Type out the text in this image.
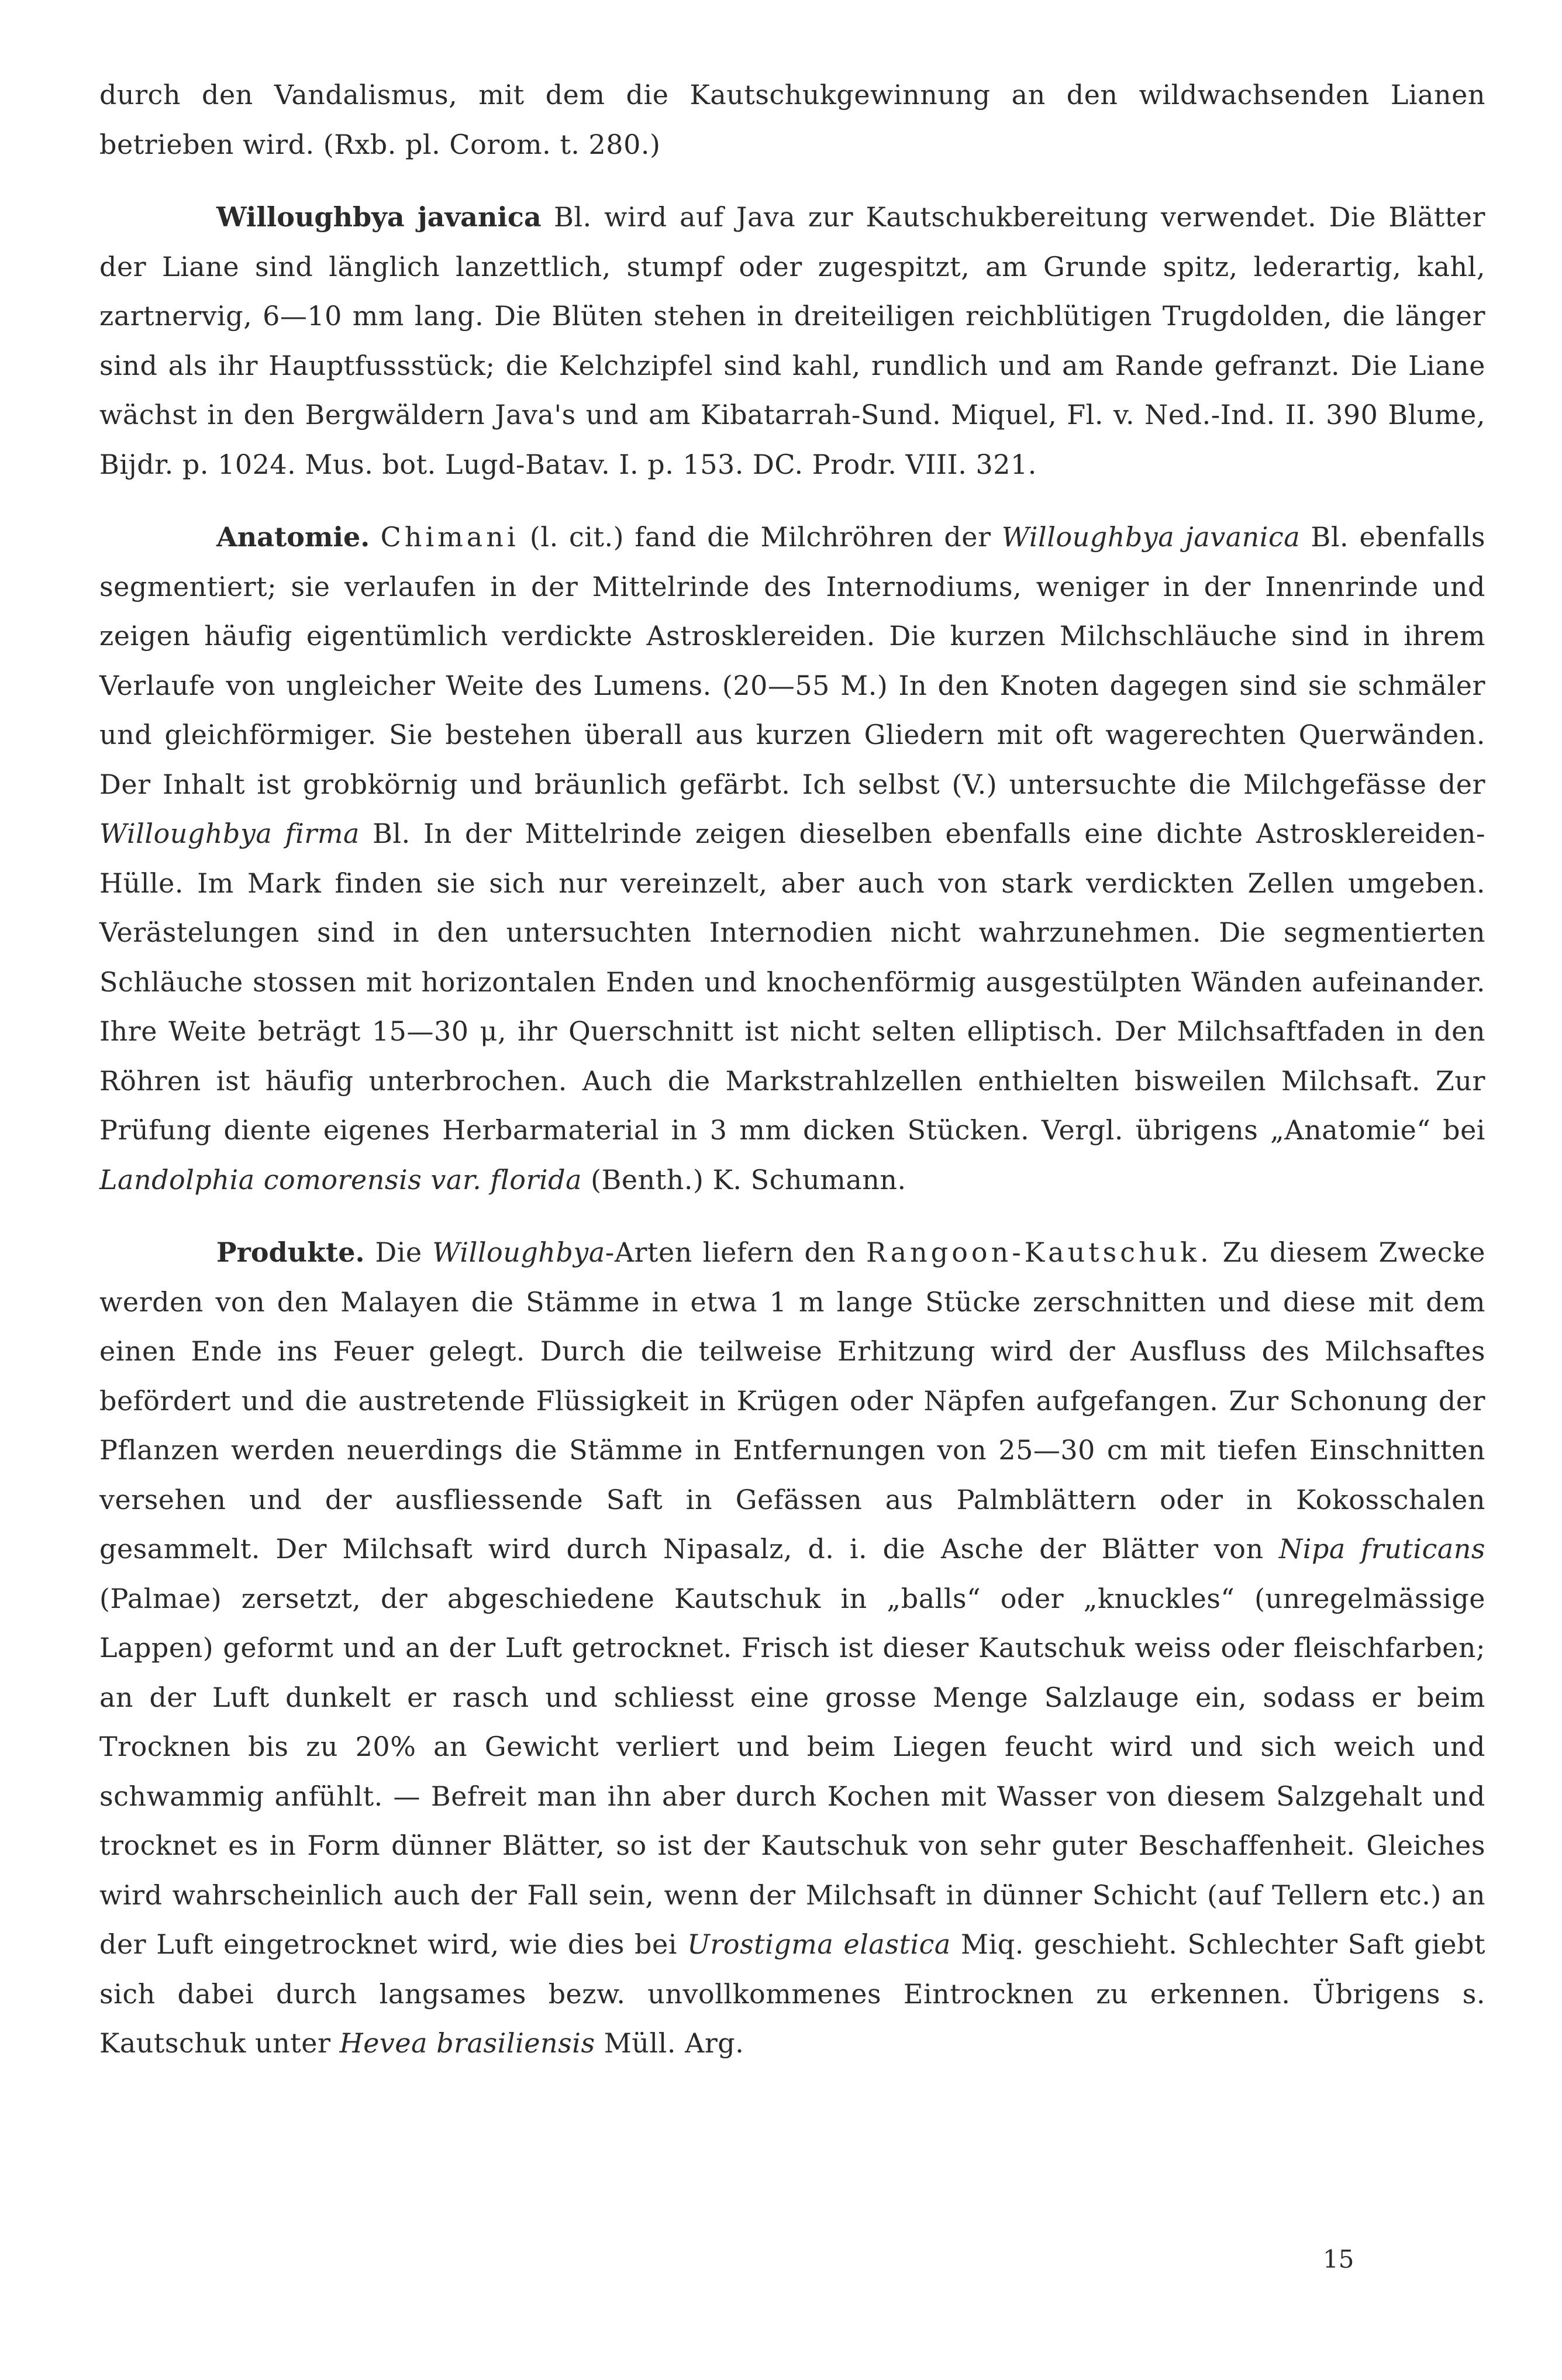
durch den Vandalismus, mit dem die Kautschukgewinnung an den wildwachsenden Lianen betrieben wird. (Rxb. pl. Corom. t. 280.)

Willoughbya javanica Bl. wird auf Java zur Kautschukbereitung verwendet. Die Blätter der Liane sind länglich lanzettlich, stumpf oder zugespitzt, am Grunde spitz, lederartig, kahl, zartnervig, 6—10 mm lang. Die Blüten stehen in dreiteiligen reichblütigen Trugdolden, die länger sind als ihr Hauptfussstück; die Kelchzipfel sind kahl, rundlich und am Rande gefranzt. Die Liane wächst in den Bergwäldern Java's und am Kibatarrah-Sund. Miquel, Fl. v. Ned.-Ind. II. 390 Blume, Bijdr. p. 1024. Mus. bot. Lugd-Batav. I. p. 153. DC. Prodr. VIII. 321.

Anatomie. Chimani (l. cit.) fand die Milchröhren der Willoughbya javanica Bl. ebenfalls segmentiert; sie verlaufen in der Mittelrinde des Internodiums, weniger in der Innenrinde und zeigen häufig eigentümlich verdickte Astrosklereiden. Die kurzen Milchschläuche sind in ihrem Verlaufe von ungleicher Weite des Lumens. (20—55 M.) In den Knoten dagegen sind sie schmäler und gleichförmiger. Sie bestehen überall aus kurzen Gliedern mit oft wagerechten Querwänden. Der Inhalt ist grobkörnig und bräunlich gefärbt. Ich selbst (V.) untersuchte die Milchgefässe der Willoughbya firma Bl. In der Mittelrinde zeigen dieselben ebenfalls eine dichte Astrosklereiden-Hülle. Im Mark finden sie sich nur vereinzelt, aber auch von stark verdickten Zellen umgeben. Verästelungen sind in den untersuchten Internodien nicht wahrzunehmen. Die segmentierten Schläuche stossen mit horizontalen Enden und knochenförmig ausgestülpten Wänden aufeinander. Ihre Weite beträgt 15—30 μ, ihr Querschnitt ist nicht selten elliptisch. Der Milchsaftfaden in den Röhren ist häufig unterbrochen. Auch die Markstrahlzellen enthielten bisweilen Milchsaft. Zur Prüfung diente eigenes Herbarmaterial in 3 mm dicken Stücken. Vergl. übrigens „Anatomie“ bei Landolphia comorensis var. florida (Benth.) K. Schumann.

Produkte. Die Willoughbya-Arten liefern den Rangoon-Kautschuk. Zu diesem Zwecke werden von den Malayen die Stämme in etwa 1 m lange Stücke zerschnitten und diese mit dem einen Ende ins Feuer gelegt. Durch die teilweise Erhitzung wird der Ausfluss des Milchsaftes befördert und die austretende Flüssigkeit in Krügen oder Näpfen aufgefangen. Zur Schonung der Pflanzen werden neuerdings die Stämme in Entfernungen von 25—30 cm mit tiefen Einschnitten versehen und der ausfliessende Saft in Gefässen aus Palmblättern oder in Kokosschalen gesammelt. Der Milchsaft wird durch Nipasalz, d. i. die Asche der Blätter von Nipa fruticans (Palmae) zersetzt, der abgeschiedene Kautschuk in „balls“ oder „knuckles“ (unregelmässige Lappen) geformt und an der Luft getrocknet. Frisch ist dieser Kautschuk weiss oder fleischfarben; an der Luft dunkelt er rasch und schliesst eine grosse Menge Salzlauge ein, sodass er beim Trocknen bis zu 20% an Gewicht verliert und beim Liegen feucht wird und sich weich und schwammig anfühlt. — Befreit man ihn aber durch Kochen mit Wasser von diesem Salzgehalt und trocknet es in Form dünner Blätter, so ist der Kautschuk von sehr guter Beschaffenheit. Gleiches wird wahrscheinlich auch der Fall sein, wenn der Milchsaft in dünner Schicht (auf Tellern etc.) an der Luft eingetrocknet wird, wie dies bei Urostigma elastica Miq. geschieht. Schlechter Saft giebt sich dabei durch langsames bezw. unvollkommenes Eintrocknen zu erkennen. Übrigens s. Kautschuk unter Hevea brasiliensis Müll. Arg.

15
